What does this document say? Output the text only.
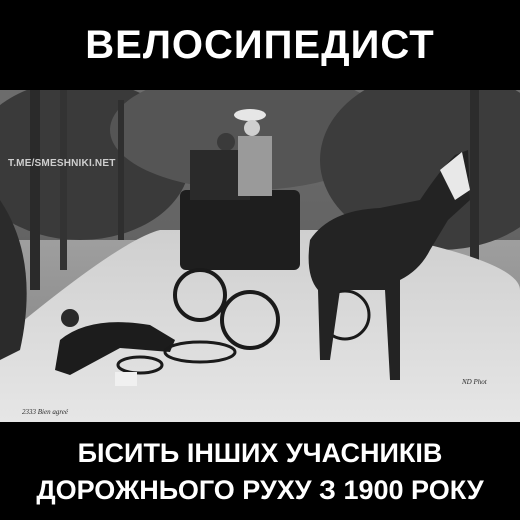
ВЕЛОСИПЕДИСТ
2333 Bien agreé
ND Phot
T.ME/SMESHNIKI.NET
БІСИТЬ ІНШИХ УЧАСНИКІВ
ДОРОЖНЬОГО РУХУ З 1900 РОКУ
